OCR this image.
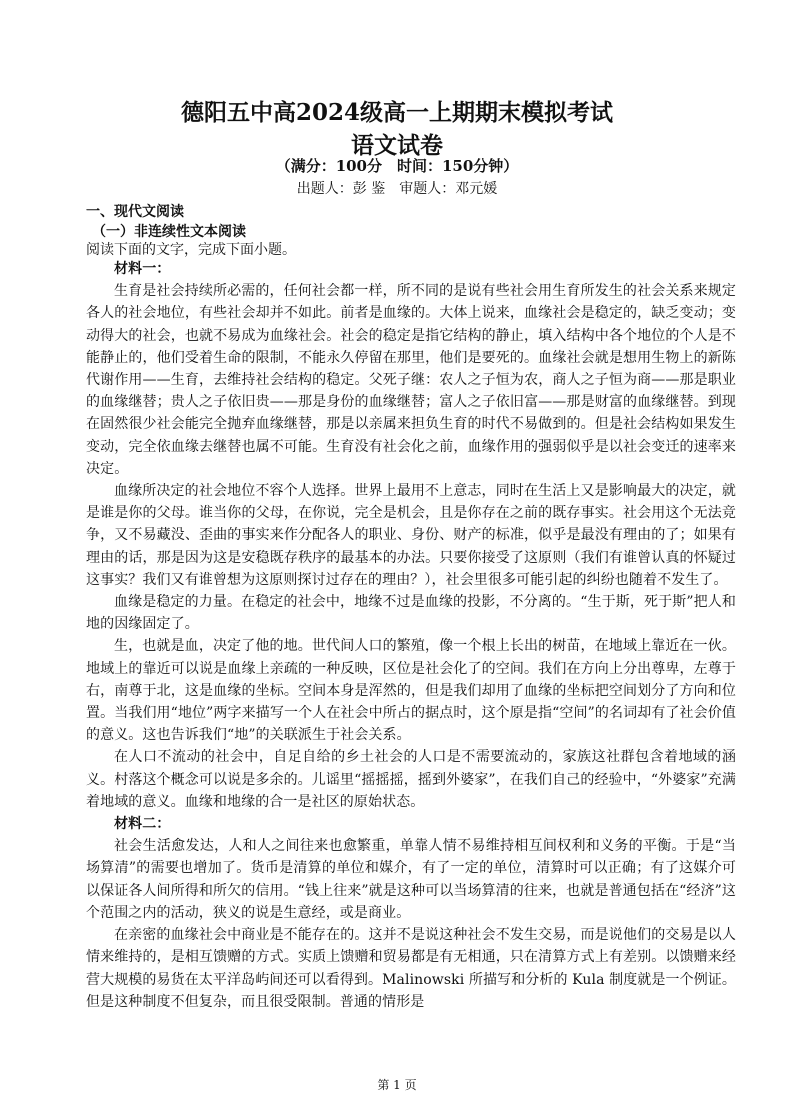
德阳五中高2024级高一上期期末模拟考试
语文试卷
（满分：100分　时间：150分钟）
出题人：彭 鉴　审题人：邓元媛
一、现代文阅读
（一）非连续性文本阅读
阅读下面的文字，完成下面小题。

材料一：

生育是社会持续所必需的，任何社会都一样，所不同的是说有些社会用生育所发生的社会关系来规定各人的社会地位，有些社会却并不如此。前者是血缘的。大体上说来，血缘社会是稳定的，缺乏变动；变动得大的社会，也就不易成为血缘社会。社会的稳定是指它结构的静止，填入结构中各个地位的个人是不能静止的，他们受着生命的限制，不能永久停留在那里，他们是要死的。血缘社会就是想用生物上的新陈代谢作用——生育，去维持社会结构的稳定。父死子继：农人之子恒为农，商人之子恒为商——那是职业的血缘继替；贵人之子依旧贵——那是身份的血缘继替；富人之子依旧富——那是财富的血缘继替。到现在固然很少社会能完全抛弃血缘继替，那是以亲属来担负生育的时代不易做到的。但是社会结构如果发生变动，完全依血缘去继替也属不可能。生育没有社会化之前，血缘作用的强弱似乎是以社会变迁的速率来决定。

血缘所决定的社会地位不容个人选择。世界上最用不上意志，同时在生活上又是影响最大的决定，就是谁是你的父母。谁当你的父母，在你说，完全是机会，且是你存在之前的既存事实。社会用这个无法竞争，又不易藏没、歪曲的事实来作分配各人的职业、身份、财产的标准，似乎是最没有理由的了；如果有理由的话，那是因为这是安稳既存秩序的最基本的办法。只要你接受了这原则（我们有谁曾认真的怀疑过这事实？我们又有谁曾想为这原则探讨过存在的理由？），社会里很多可能引起的纠纷也随着不发生了。

血缘是稳定的力量。在稳定的社会中，地缘不过是血缘的投影，不分离的。“生于斯，死于斯”把人和地的因缘固定了。

生，也就是血，决定了他的地。世代间人口的繁殖，像一个根上长出的树苗，在地域上靠近在一伙。地域上的靠近可以说是血缘上亲疏的一种反映，区位是社会化了的空间。我们在方向上分出尊卑，左尊于右，南尊于北，这是血缘的坐标。空间本身是浑然的，但是我们却用了血缘的坐标把空间划分了方向和位置。当我们用“地位”两字来描写一个人在社会中所占的据点时，这个原是指“空间”的名词却有了社会价值的意义。这也告诉我们“地”的关联派生于社会关系。

在人口不流动的社会中，自足自给的乡土社会的人口是不需要流动的，家族这社群包含着地域的涵义。村落这个概念可以说是多余的。儿谣里“摇摇摇，摇到外婆家”，在我们自己的经验中，“外婆家”充满着地域的意义。血缘和地缘的合一是社区的原始状态。

材料二：

社会生活愈发达，人和人之间往来也愈繁重，单靠人情不易维持相互间权利和义务的平衡。于是“当场算清”的需要也增加了。货币是清算的单位和媒介，有了一定的单位，清算时可以正确；有了这媒介可以保证各人间所得和所欠的信用。“钱上往来”就是这种可以当场算清的往来，也就是普通包括在“经济”这个范围之内的活动，狭义的说是生意经，或是商业。

在亲密的血缘社会中商业是不能存在的。这并不是说这种社会不发生交易，而是说他们的交易是以人情来维持的，是相互馈赠的方式。实质上馈赠和贸易都是有无相通，只在清算方式上有差别。以馈赠来经营大规模的易货在太平洋岛屿间还可以看得到。Malinowski 所描写和分析的 Kula 制度就是一个例证。但是这种制度不但复杂，而且很受限制。普通的情形是

第 1 页
